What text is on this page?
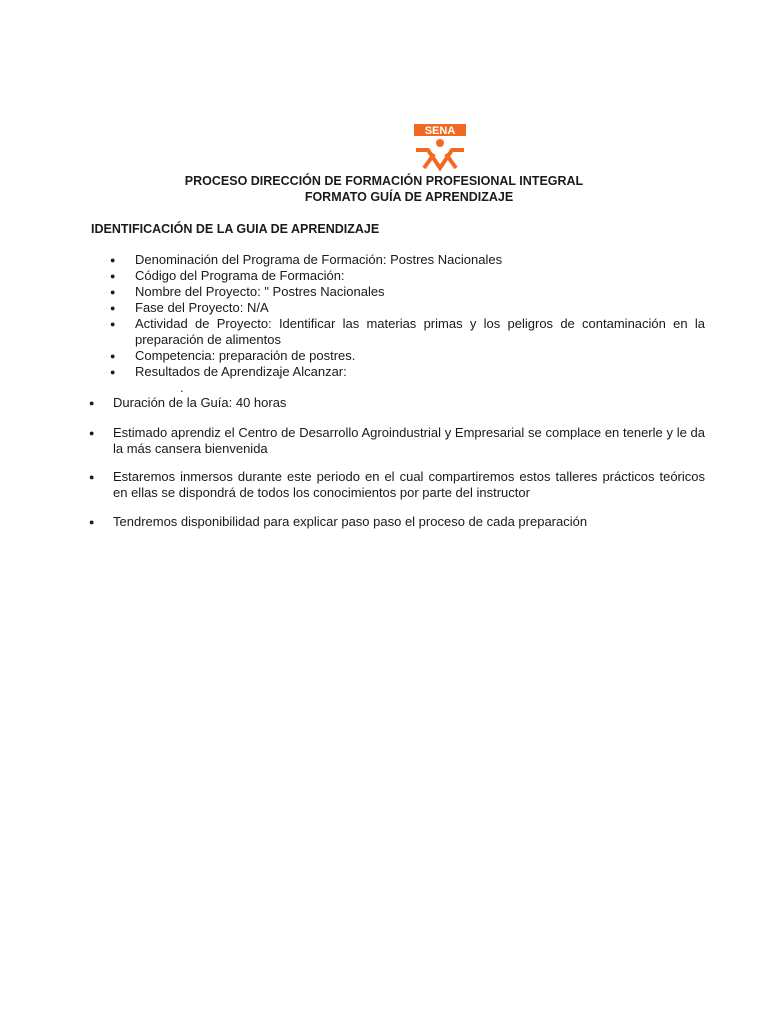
SENA
PROCESO DIRECCIÓN DE FORMACIÓN PROFESIONAL INTEGRAL
FORMATO GUÍA DE APRENDIZAJE
IDENTIFICACIÓN DE LA GUIA DE APRENDIZAJE
● Denominación del Programa de Formación: Postres Nacionales
● Código del Programa de Formación:
● Nombre del Proyecto: " Postres Nacionales
● Fase del Proyecto: N/A
● Actividad de Proyecto: Identificar las materias primas y los peligros de contaminación en la preparación de alimentos
● Competencia: preparación de postres.
● Resultados de Aprendizaje Alcanzar:
.
● Duración de la Guía: 40 horas
● Estimado aprendiz el Centro de Desarrollo Agroindustrial y Empresarial se complace en tenerle y le da la más cansera bienvenida
● Estaremos inmersos durante este periodo en el cual compartiremos estos talleres prácticos teóricos en ellas se dispondrá de todos los conocimientos por parte del instructor
● Tendremos disponibilidad para explicar paso paso el proceso de cada preparación
